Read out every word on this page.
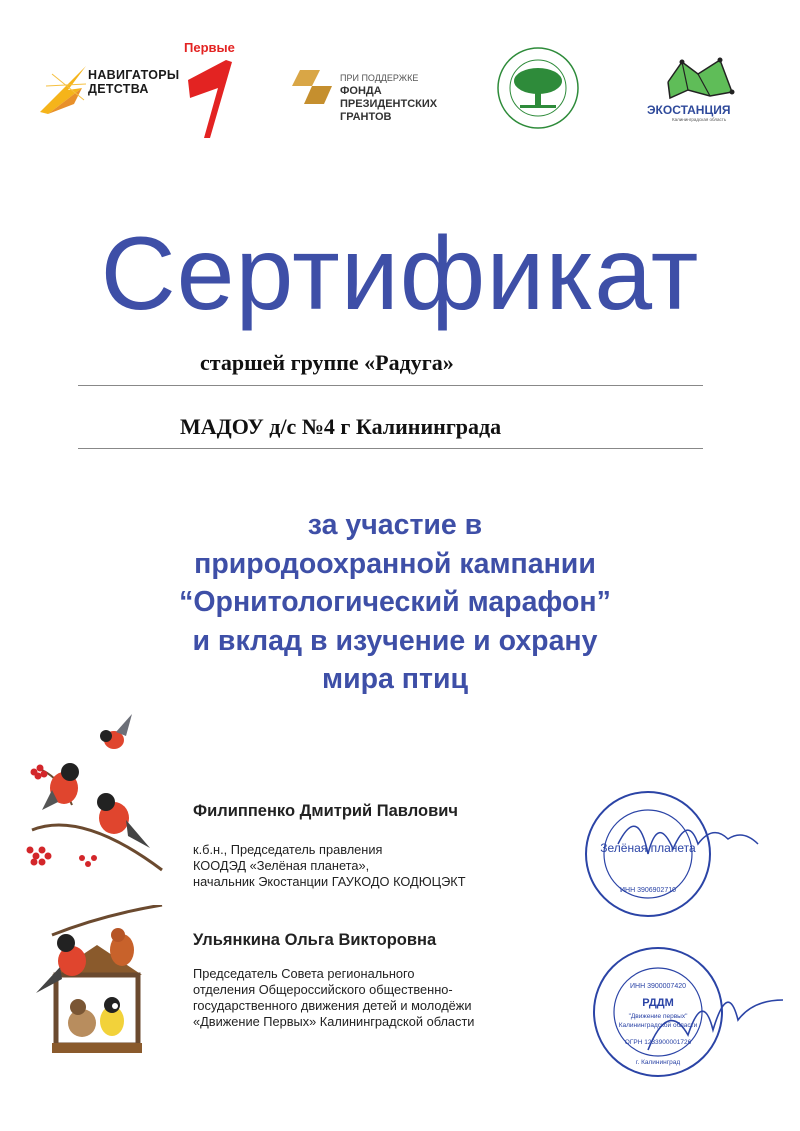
НАВИГАТОРЫ
ДЕТСТВА
Первые
ПРИ ПОДДЕРЖКЕ
ФОНДА
ПРЕЗИДЕНТСКИХ
ГРАНТОВ	ЭКОСТАНЦИЯ
Калининградская область
Сертификат
старшей группе «Радуга»
МАДОУ д/с №4 г Калининграда
за участие в
природоохранной кампании
“Орнитологический марафон”
и вклад в изучение и охрану
мира птиц
Филиппенко Дмитрий Павлович
к.б.н., Председатель правления
КООДЭД «Зелёная планета»,
начальник Экостанции ГАУКОДО КОДЮЦЭКТ
Зелёная планета
ИНН 3906902710
Ульянкина Ольга Викторовна
Председатель Совета регионального
отделения Общероссийского общественно-
государственного движения детей и молодёжи
«Движение Первых» Калининградской области
ИНН 3900007420
РДДМ
"Движение первых"
Калининградской области
ОГРН 1233900001726
г. Калининград
